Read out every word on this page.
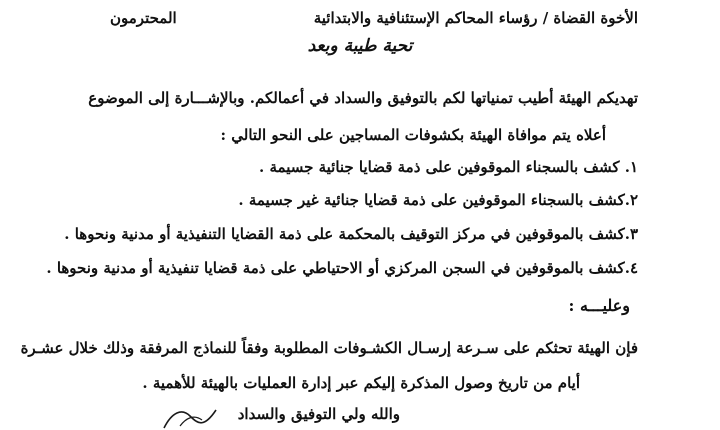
الأخوة القضاة / رؤساء المحاكم الإستئنافية والابتدائية
المحترمون
تحية طيبة وبعد
تهديكم الهيئة أطيب تمنياتها لكم بالتوفيق والسداد في أعمالكم. وبالإشـــارة إلى الموضوع
أعلاه يتم موافاة الهيئة بكشوفات المساجين على النحو التالي :
١. كشف بالسجناء الموقوفين على ذمة قضايا جنائية جسيمة .
٢.كشف بالسجناء الموقوفين على ذمة قضايا جنائية غير جسيمة .
٣.كشف بالموقوفين في مركز التوقيف بالمحكمة على ذمة القضايا التنفيذية أو مدنية ونحوها .
٤.كشف بالموقوفين في السجن المركزي أو الاحتياطي على ذمة قضايا تنفيذية أو مدنية ونحوها .
وعليـــه :
فإن الهيئة تحثكم على سـرعة إرسـال الكشـوفات المطلوبة وفقاً للنماذج المرفقة وذلك خلال عشـرة
أيام من تاريخ وصول المذكرة إليكم عبر إدارة العمليات بالهيئة للأهمية .
والله ولي التوفيق والسداد
